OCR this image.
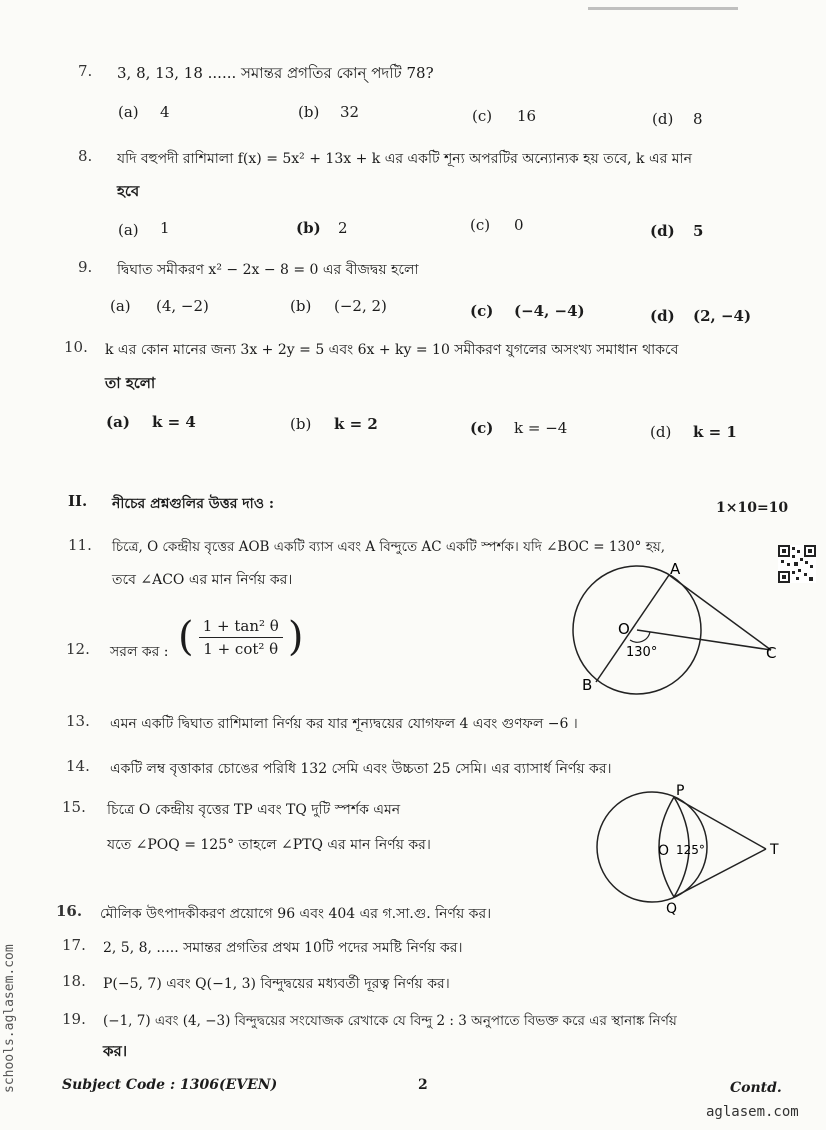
7. 3, 8, 13, 18 ...... সমান্তর প্রগতির কোন্ পদটি 78?
(a) 4	(b) 32	(c) 16	(d) 8
8. যদি বহুপদী রাশিমালা f(x) = 5x² + 13x + k এর একটি শূন্য অপরটির অন্যোন্যক হয় তবে, k এর মান
হবে
(a) 1	(b) 2	(c) 0	(d) 5
9. দ্বিঘাত সমীকরণ x² − 2x − 8 = 0 এর বীজদ্বয় হলো
(a) (4, −2)	(b) (−2, 2)	(c) (−4, −4)	(d) (2, −4)
10. k এর কোন মানের জন্য 3x + 2y = 5 এবং 6x + ky = 10 সমীকরণ যুগলের অসংখ্য সমাধান থাকবে
তা হলো
(a) k = 4	(b) k = 2	(c) k = −4	(d) k = 1
II. নীচের প্রশ্নগুলির উত্তর দাও :	1×10=10
11. চিত্রে, O কেন্দ্রীয় বৃত্তের AOB একটি ব্যাস এবং A বিন্দুতে AC একটি স্পর্শক। যদি ∠BOC = 130° হয়,
তবে ∠ACO এর মান নির্ণয় কর।
A
O
B
C
130°
12. সরল কর : ( $\frac{\text{1 + tan² θ}}{\text{1 + cot² θ}}$ )
13. এমন একটি দ্বিঘাত রাশিমালা নির্ণয় কর যার শূন্যদ্বয়ের যোগফল 4 এবং গুণফল −6 ।
14. একটি লম্ব বৃত্তাকার চোঙের পরিধি 132 সেমি এবং উচ্চতা 25 সেমি। এর ব্যাসার্ধ নির্ণয় কর।
15. চিত্রে O কেন্দ্রীয় বৃত্তের TP এবং TQ দুটি স্পর্শক এমন
যতে ∠POQ = 125° তাহলে ∠PTQ এর মান নির্ণয় কর।
P
O
Q
T
125°
16. মৌলিক উৎপাদকীকরণ প্রয়োগে 96 এবং 404 এর গ.সা.গু. নির্ণয় কর।
17. 2, 5, 8, ..... সমান্তর প্রগতির প্রথম 10টি পদের সমষ্টি নির্ণয় কর।
18. P(−5, 7) এবং Q(−1, 3) বিন্দুদ্বয়ের মধ্যবর্তী দূরত্ব নির্ণয় কর।
19. (−1, 7) এবং (4, −3) বিন্দুদ্বয়ের সংযোজক রেখাকে যে বিন্দু 2 : 3 অনুপাতে বিভক্ত করে এর স্থানাঙ্ক নির্ণয়
কর।
Subject Code : 1306(EVEN)	2	Contd.
aglasem.com
schools.aglasem.com
